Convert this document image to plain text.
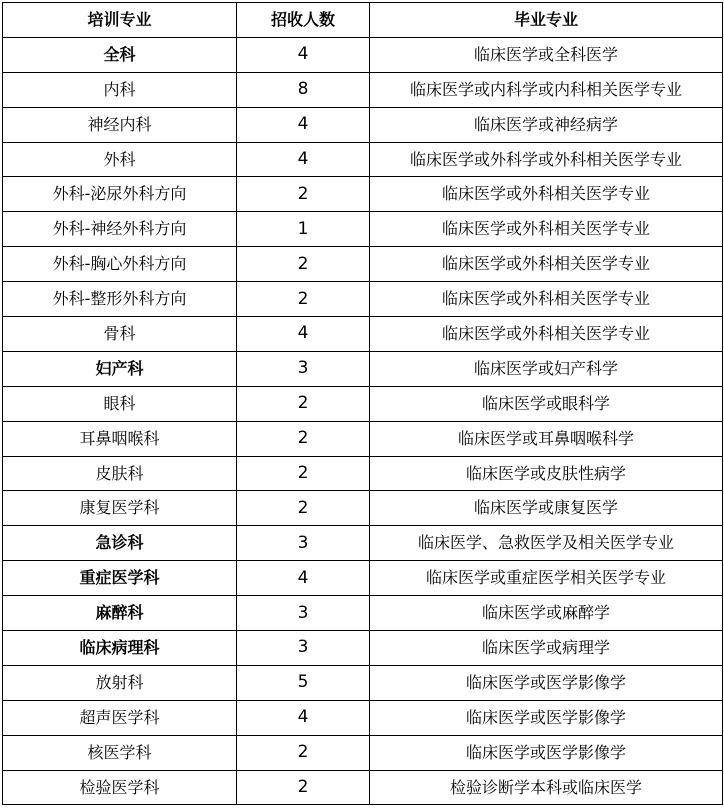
培训专业	招收人数	毕业专业
全科	4	临床医学或全科医学
内科	8	临床医学或内科学或内科相关医学专业
神经内科	4	临床医学或神经病学
外科	4	临床医学或外科学或外科相关医学专业
外科-泌尿外科方向	2	临床医学或外科相关医学专业
外科-神经外科方向	1	临床医学或外科相关医学专业
外科-胸心外科方向	2	临床医学或外科相关医学专业
外科-整形外科方向	2	临床医学或外科相关医学专业
骨科	4	临床医学或外科相关医学专业
妇产科	3	临床医学或妇产科学
眼科	2	临床医学或眼科学
耳鼻咽喉科	2	临床医学或耳鼻咽喉科学
皮肤科	2	临床医学或皮肤性病学
康复医学科	2	临床医学或康复医学
急诊科	3	临床医学、急救医学及相关医学专业
重症医学科	4	临床医学或重症医学相关医学专业
麻醉科	3	临床医学或麻醉学
临床病理科	3	临床医学或病理学
放射科	5	临床医学或医学影像学
超声医学科	4	临床医学或医学影像学
核医学科	2	临床医学或医学影像学
检验医学科	2	检验诊断学本科或临床医学
